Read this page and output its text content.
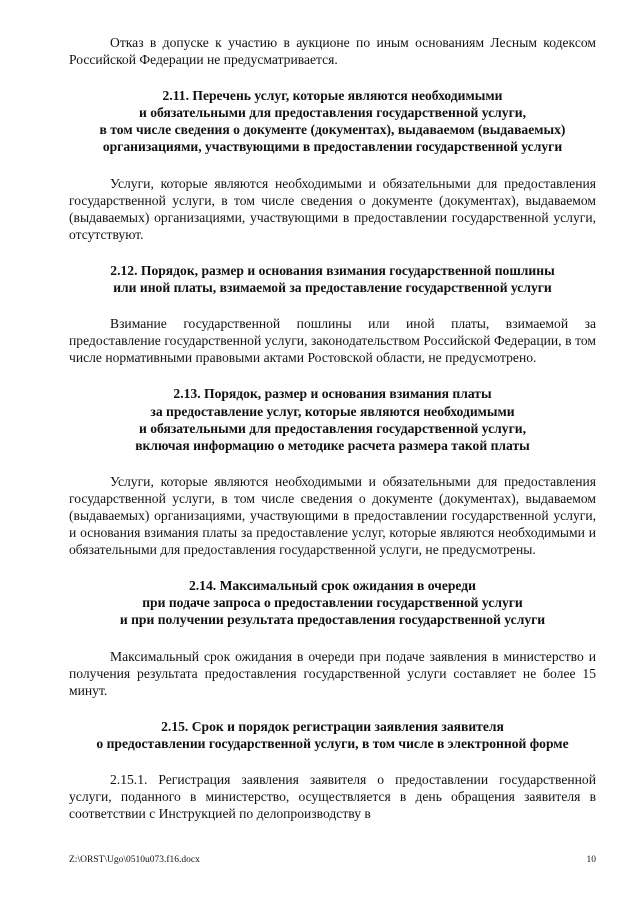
Отказ в допуске к участию в аукционе по иным основаниям Лесным кодексом Российской Федерации не предусматривается.

2.11. Перечень услуг, которые являются необходимыми
и обязательными для предоставления государственной услуги,
в том числе сведения о документе (документах), выдаваемом (выдаваемых)
организациями, участвующими в предоставлении государственной услуги

Услуги, которые являются необходимыми и обязательными для предоставления государственной услуги, в том числе сведения о документе (документах), выдаваемом (выдаваемых) организациями, участвующими в предоставлении государственной услуги, отсутствуют.

2.12. Порядок, размер и основания взимания государственной пошлины
или иной платы, взимаемой за предоставление государственной услуги

Взимание государственной пошлины или иной платы, взимаемой за предоставление государственной услуги, законодательством Российской Федерации, в том числе нормативными правовыми актами Ростовской области, не предусмотрено.

2.13. Порядок, размер и основания взимания платы
за предоставление услуг, которые являются необходимыми
и обязательными для предоставления государственной услуги,
включая информацию о методике расчета размера такой платы

Услуги, которые являются необходимыми и обязательными для предоставления государственной услуги, в том числе сведения о документе (документах), выдаваемом (выдаваемых) организациями, участвующими в предоставлении государственной услуги, и основания взимания платы за предоставление услуг, которые являются необходимыми и обязательными для предоставления государственной услуги, не предусмотрены.

2.14. Максимальный срок ожидания в очереди
при подаче запроса о предоставлении государственной услуги
и при получении результата предоставления государственной услуги

Максимальный срок ожидания в очереди при подаче заявления в министерство и получения результата предоставления государственной услуги составляет не более 15 минут.

2.15. Срок и порядок регистрации заявления заявителя
о предоставлении государственной услуги, в том числе в электронной форме

2.15.1. Регистрация заявления заявителя о предоставлении государственной услуги, поданного в министерство, осуществляется в день обращения заявителя в соответствии с Инструкцией по делопроизводству в

Z:\ORST\Ugo\0510u073.f16.docx	10
